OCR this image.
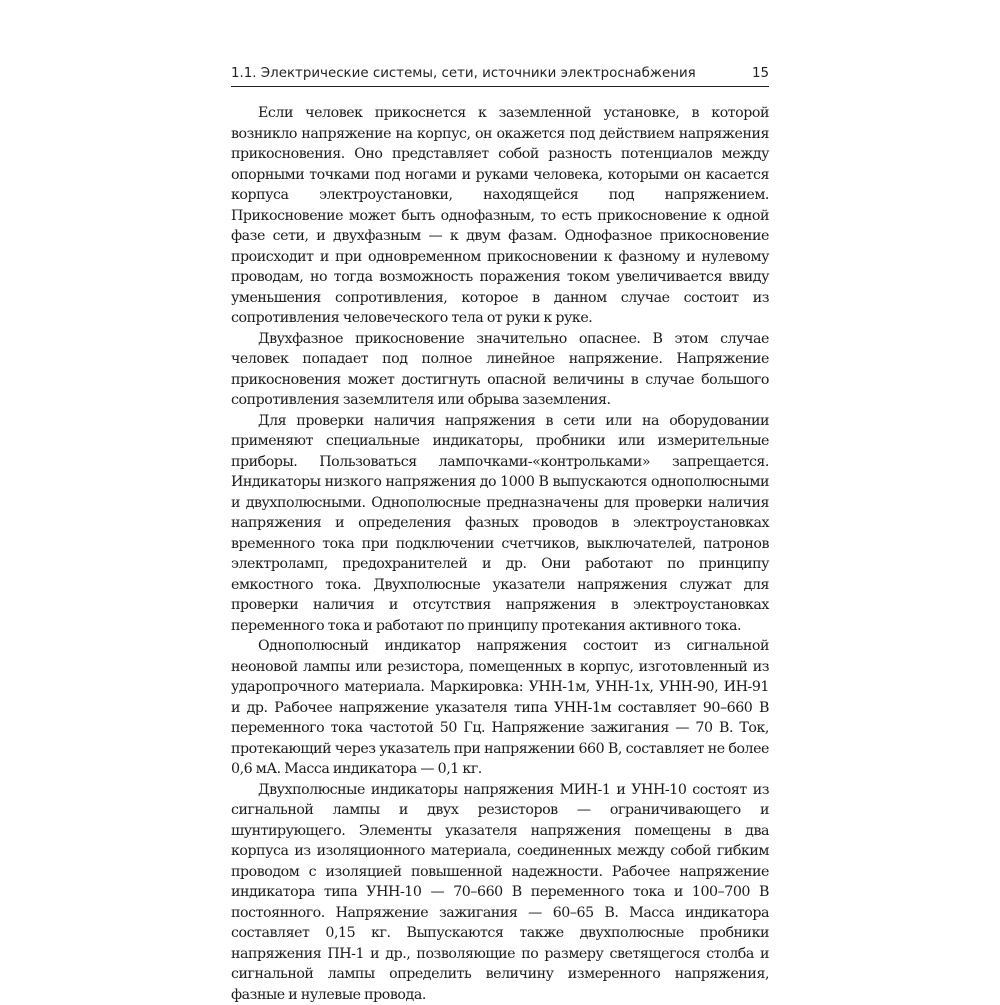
1.1. Электрические системы, сети, источники электроснабжения	15

Если человек прикоснется к заземленной установке, в которой возникло напряжение на корпус, он окажется под действием напряжения прикосновения. Оно представляет собой разность потенциалов между опорными точками под ногами и руками человека, которыми он касается корпуса электроустановки, находящейся под напряжением. Прикосновение может быть однофазным, то есть прикосновение к одной фазе сети, и двухфазным — к двум фазам. Однофазное прикосновение происходит и при одновременном прикосновении к фазному и нулевому проводам, но тогда возможность поражения током увеличивается ввиду уменьшения сопротивления, которое в данном случае состоит из сопротивления человеческого тела от руки к руке.

Двухфазное прикосновение значительно опаснее. В этом случае человек попадает под полное линейное напряжение. Напряжение прикосновения может достигнуть опасной величины в случае большого сопротивления заземлителя или обрыва заземления.

Для проверки наличия напряжения в сети или на оборудовании применяют специальные индикаторы, пробники или измерительные приборы. Пользоваться лампочками-«контрольками» запрещается. Индикаторы низкого напряжения до 1000 В выпускаются однополюсными и двухполюсными. Однополюсные предназначены для проверки наличия напряжения и определения фазных проводов в электроустановках временного тока при подключении счетчиков, выключателей, патронов электроламп, предохранителей и др. Они работают по принципу емкостного тока. Двухполюсные указатели напряжения служат для проверки наличия и отсутствия напряжения в электроустановках переменного тока и работают по принципу протекания активного тока.

Однополюсный индикатор напряжения состоит из сигнальной неоновой лампы или резистора, помещенных в корпус, изготовленный из ударопрочного материала. Маркировка: УНН-1м, УНН-1х, УНН-90, ИН-91 и др. Рабочее напряжение указателя типа УНН-1м составляет 90–660 В переменного тока частотой 50 Гц. Напряжение зажигания — 70 В. Ток, протекающий через указатель при напряжении 660 В, составляет не более 0,6 мА. Масса индикатора — 0,1 кг.

Двухполюсные индикаторы напряжения МИН-1 и УНН-10 состоят из сигнальной лампы и двух резисторов — ограничивающего и шунтирующего. Элементы указателя напряжения помещены в два корпуса из изоляционного материала, соединенных между собой гибким проводом с изоляцией повышенной надежности. Рабочее напряжение индикатора типа УНН-10 — 70–660 В переменного тока и 100–700 В постоянного. Напряжение зажигания — 60–65 В. Масса индикатора составляет 0,15 кг. Выпускаются также двухполюсные пробники напряжения ПН-1 и др., позволяющие по размеру светящегося столба и сигнальной лампы определить величину измеренного напряжения, фазные и нулевые провода.
